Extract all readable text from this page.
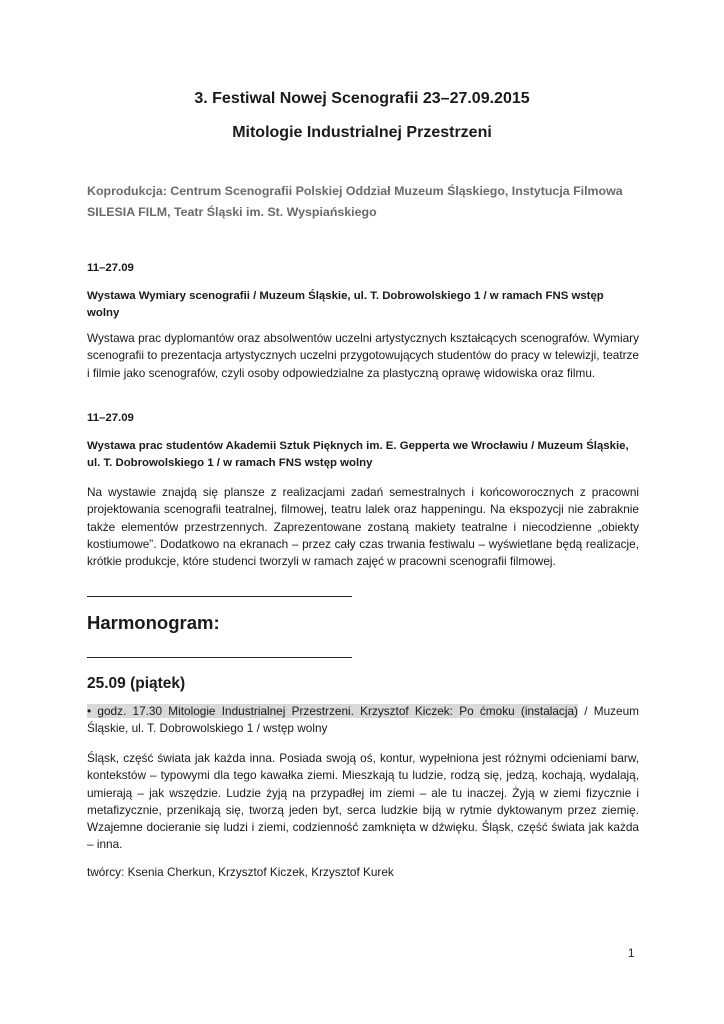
3. Festiwal Nowej Scenografii 23–27.09.2015
Mitologie Industrialnej Przestrzeni
Koprodukcja: Centrum Scenografii Polskiej Oddział Muzeum Śląskiego, Instytucja Filmowa SILESIA FILM, Teatr Śląski im. St. Wyspiańskiego
11–27.09
Wystawa Wymiary scenografii / Muzeum Śląskie, ul. T. Dobrowolskiego 1 / w ramach FNS wstęp wolny
Wystawa prac dyplomantów oraz absolwentów uczelni artystycznych kształcących scenografów. Wymiary scenografii to prezentacja artystycznych uczelni przygotowujących studentów do pracy w telewizji, teatrze i filmie jako scenografów, czyli osoby odpowiedzialne za plastyczną oprawę widowiska oraz filmu.
11–27.09
Wystawa prac studentów Akademii Sztuk Pięknych im. E. Gepperta we Wrocławiu / Muzeum Śląskie, ul. T. Dobrowolskiego 1 / w ramach FNS wstęp wolny
Na wystawie znajdą się plansze z realizacjami zadań semestralnych i końcoworocznych z pracowni projektowania scenografii teatralnej, filmowej, teatru lalek oraz happeningu. Na ekspozycji nie zabraknie także elementów przestrzennych. Zaprezentowane zostaną makiety teatralne i niecodzienne „obiekty kostiumowe”. Dodatkowo na ekranach – przez cały czas trwania festiwalu – wyświetlane będą realizacje, krótkie produkcje, które studenci tworzyli w ramach zajęć w pracowni scenografii filmowej.
Harmonogram:
25.09 (piątek)
• godz. 17.30 Mitologie Industrialnej Przestrzeni. Krzysztof Kiczek: Po ćmoku (instalacja) / Muzeum Śląskie, ul. T. Dobrowolskiego 1 / wstęp wolny
Śląsk, część świata jak każda inna. Posiada swoją oś, kontur, wypełniona jest różnymi odcieniami barw, kontekstów – typowymi dla tego kawałka ziemi. Mieszkają tu ludzie, rodzą się, jedzą, kochają, wydalają, umierają – jak wszędzie. Ludzie żyją na przypadłej im ziemi – ale tu inaczej. Żyją w ziemi fizycznie i metafizycznie, przenikają się, tworzą jeden byt, serca ludzkie biją w rytmie dyktowanym przez ziemię. Wzajemne docieranie się ludzi i ziemi, codzienność zamknięta w dźwięku. Śląsk, część świata jak każda – inna.
twórcy: Ksenia Cherkun, Krzysztof Kiczek, Krzysztof Kurek
1
